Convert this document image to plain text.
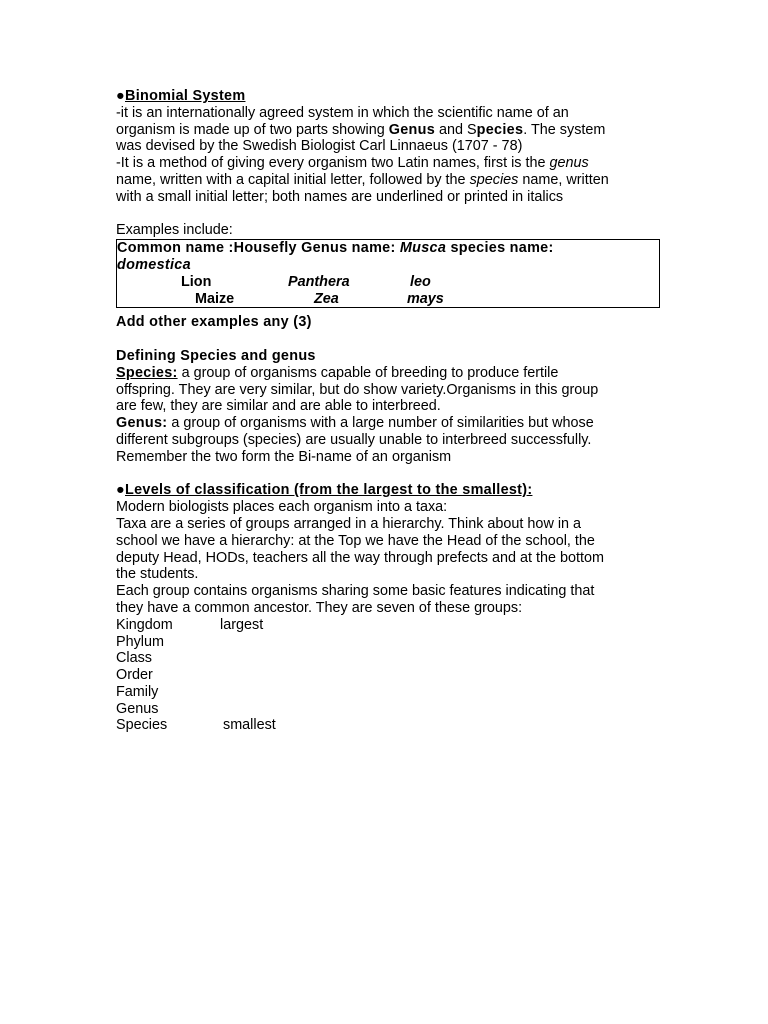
●Binomial System
-it is an internationally agreed system in which the scientific name of an
organism is made up of two parts showing Genus and Species. The system
was devised by the Swedish Biologist Carl Linnaeus (1707 - 78)
-It is a method of giving every organism two Latin names, first is the genus
name, written with a capital initial letter, followed by the species name, written
with a small initial letter; both names are underlined or printed in italics
Examples include:
Common name :Housefly Genus name: Musca species name:
domestica
Lion	Panthera	leo
Maize	Zea	mays
Add other examples any (3)
Defining Species and genus
Species: a group of organisms capable of breeding to produce fertile
offspring. They are very similar, but do show variety.Organisms in this group
are few, they are similar and are able to interbreed.
Genus: a group of organisms with a large number of similarities but whose
different subgroups (species) are usually unable to interbreed successfully.
Remember the two form the Bi-name of an organism
●Levels of classification (from the largest to the smallest):
Modern biologists places each organism into a taxa:
Taxa are a series of groups arranged in a hierarchy. Think about how in a
school we have a hierarchy: at the Top we have the Head of the school, the
deputy Head, HODs, teachers all the way through prefects and at the bottom
the students.
Each group contains organisms sharing some basic features indicating that
they have a common ancestor. They are seven of these groups:
Kingdom	largest
Phylum
Class
Order
Family
Genus
Species	smallest
